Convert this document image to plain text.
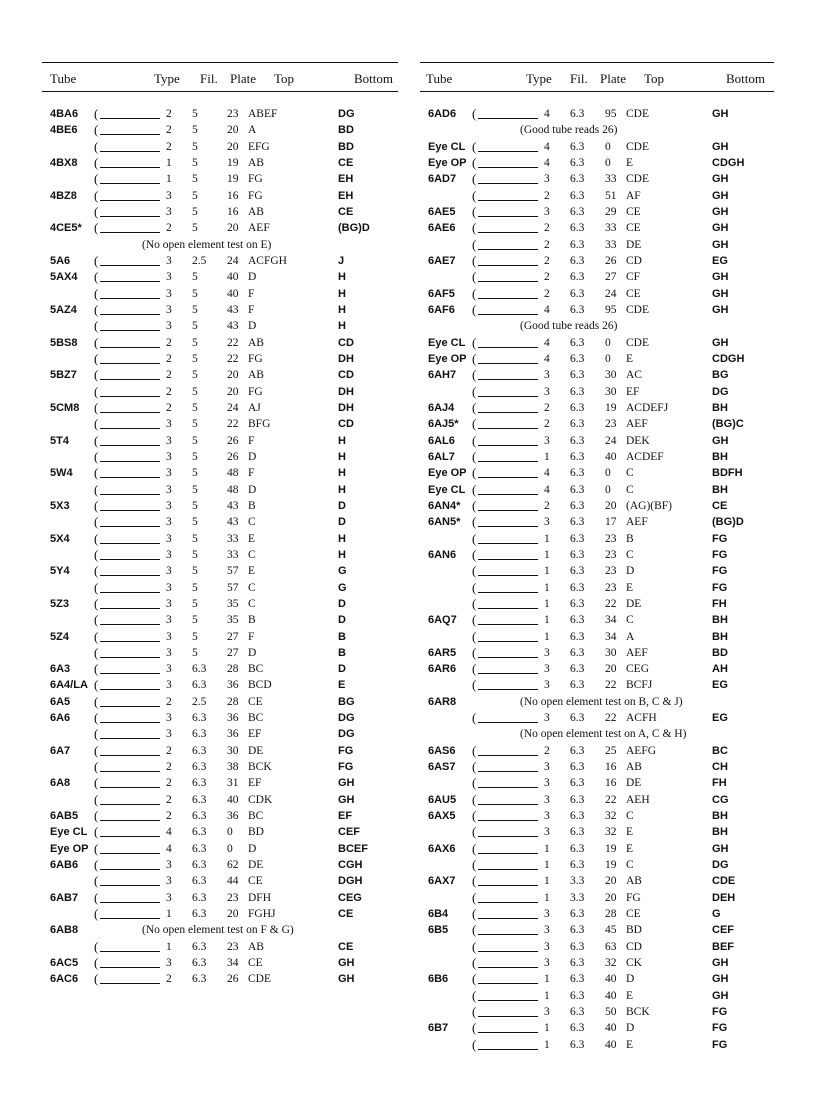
Tube	Type Fil. Plate Top	Bottom
4BA6 (	2 5	23 ABEF	DG
4BE6 (	2 5	20 A	BD
(	2 5	20 EFG	BD
4BX8 (	1 5	19 AB	CE
(	1 5	19 FG	EH
4BZ8 (	3 5	16 FG	EH
(	3 5	16 AB	CE
4CE5* (	2 5	20 AEF	(BG)D
(No open element test on E)
5A6 (	3 2.5 24 ACFGH	J
5AX4 (	3 5	40 D	H
(	3 5	40 F	H
5AZ4 (	3 5	43 F	H
(	3 5	43 D	H
5BS8 (	2 5	22 AB	CD
(	2 5	22 FG	DH
5BZ7 (	2 5	20 AB	CD
(	2 5	20 FG	DH
5CM8 (	2 5	24 AJ	DH
(	3 5	22 BFG	CD
5T4 (	3 5	26 F	H
(	3 5	26 D	H
5W4 (	3 5	48 F	H
(	3 5	48 D	H
5X3 (	3 5	43 B	D
(	3 5	43 C	D
5X4 (	3 5	33 E	H
(	3 5	33 C	H
5Y4 (	3 5	57 E	G
(	3 5	57 C	G
5Z3 (	3 5	35 C	D
(	3 5	35 B	D
5Z4 (	3 5	27 F	B
(	3 5	27 D	B
6A3 (	3 6.3 28 BC	D
6A4/LA (	3 6.3 36 BCD	E
6A5 (	2 2.5 28 CE	BG
6A6 (	3 6.3 36 BC	DG
(	3 6.3 36 EF	DG
6A7 (	2 6.3 30 DE	FG
(	2 6.3 38 BCK	FG
6A8 (	2 6.3 31 EF	GH
(	2 6.3 40 CDK	GH
6AB5 (	2 6.3 36 BC	EF
Eye CL (	4 6.3 0 BD	CEF
Eye OP (	4 6.3 0 D	BCEF
6AB6 (	3 6.3 62 DE	CGH
(	3 6.3 44 CE	DGH
6AB7 (	3 6.3 23 DFH	CEG
(	1 6.3 20 FGHJ	CE
6AB8	(No open element test on F & G)
(	1 6.3 23 AB	CE
6AC5 (	3 6.3 34 CE	GH
6AC6 (	2 6.3 26 CDE	GH
Tube	Type Fil. Plate Top	Bottom
6AD6 (	4 6.3 95 CDE	GH
(Good tube reads 26)
Eye CL (	4 6.3 0 CDE	GH
Eye OP (	4 6.3 0 E	CDGH
6AD7 (	3 6.3 33 CDE	GH
(	2 6.3 51 AF	GH
6AE5 (	3 6.3 29 CE	GH
6AE6 (	2 6.3 33 CE	GH
(	2 6.3 33 DE	GH
6AE7 (	2 6.3 26 CD	EG
(	2 6.3 27 CF	GH
6AF5 (	2 6.3 24 CE	GH
6AF6 (	4 6.3 95 CDE	GH
(Good tube reads 26)
Eye CL (	4 6.3 0 CDE	GH
Eye OP (	4 6.3 0 E	CDGH
6AH7 (	3 6.3 30 AC	BG
(	3 6.3 30 EF	DG
6AJ4 (	2 6.3 19 ACDEFJ	BH
6AJ5* (	2 6.3 23 AEF	(BG)C
6AL6 (	3 6.3 24 DEK	GH
6AL7 (	1 6.3 40 ACDEF	BH
Eye OP (	4 6.3 0 C	BDFH
Eye CL (	4 6.3 0 C	BH
6AN4* (	2 6.3 20 (AG)(BF)	CE
6AN5* (	3 6.3 17 AEF	(BG)D
(	1 6.3 23 B	FG
6AN6 (	1 6.3 23 C	FG
(	1 6.3 23 D	FG
(	1 6.3 23 E	FG
(	1 6.3 22 DE	FH
6AQ7 (	1 6.3 34 C	BH
(	1 6.3 34 A	BH
6AR5 (	3 6.3 30 AEF	BD
6AR6 (	3 6.3 20 CEG	AH
(	3 6.3 22 BCFJ	EG
6AR8	(No open element test on B, C & J)
(	3 6.3 22 ACFH	EG
(No open element test on A, C & H)
6AS6 (	2 6.3 25 AEFG	BC
6AS7 (	3 6.3 16 AB	CH
(	3 6.3 16 DE	FH
6AU5 (	3 6.3 22 AEH	CG
6AX5 (	3 6.3 32 C	BH
(	3 6.3 32 E	BH
6AX6 (	1 6.3 19 E	GH
(	1 6.3 19 C	DG
6AX7 (	1 3.3 20 AB	CDE
(	1 3.3 20 FG	DEH
6B4 (	3 6.3 28 CE	G
6B5 (	3 6.3 45 BD	CEF
(	3 6.3 63 CD	BEF
(	3 6.3 32 CK	GH
6B6 (	1 6.3 40 D	GH
(	1 6.3 40 E	GH
(	3 6.3 50 BCK	FG
6B7 (	1 6.3 40 D	FG
(	1 6.3 40 E	FG
